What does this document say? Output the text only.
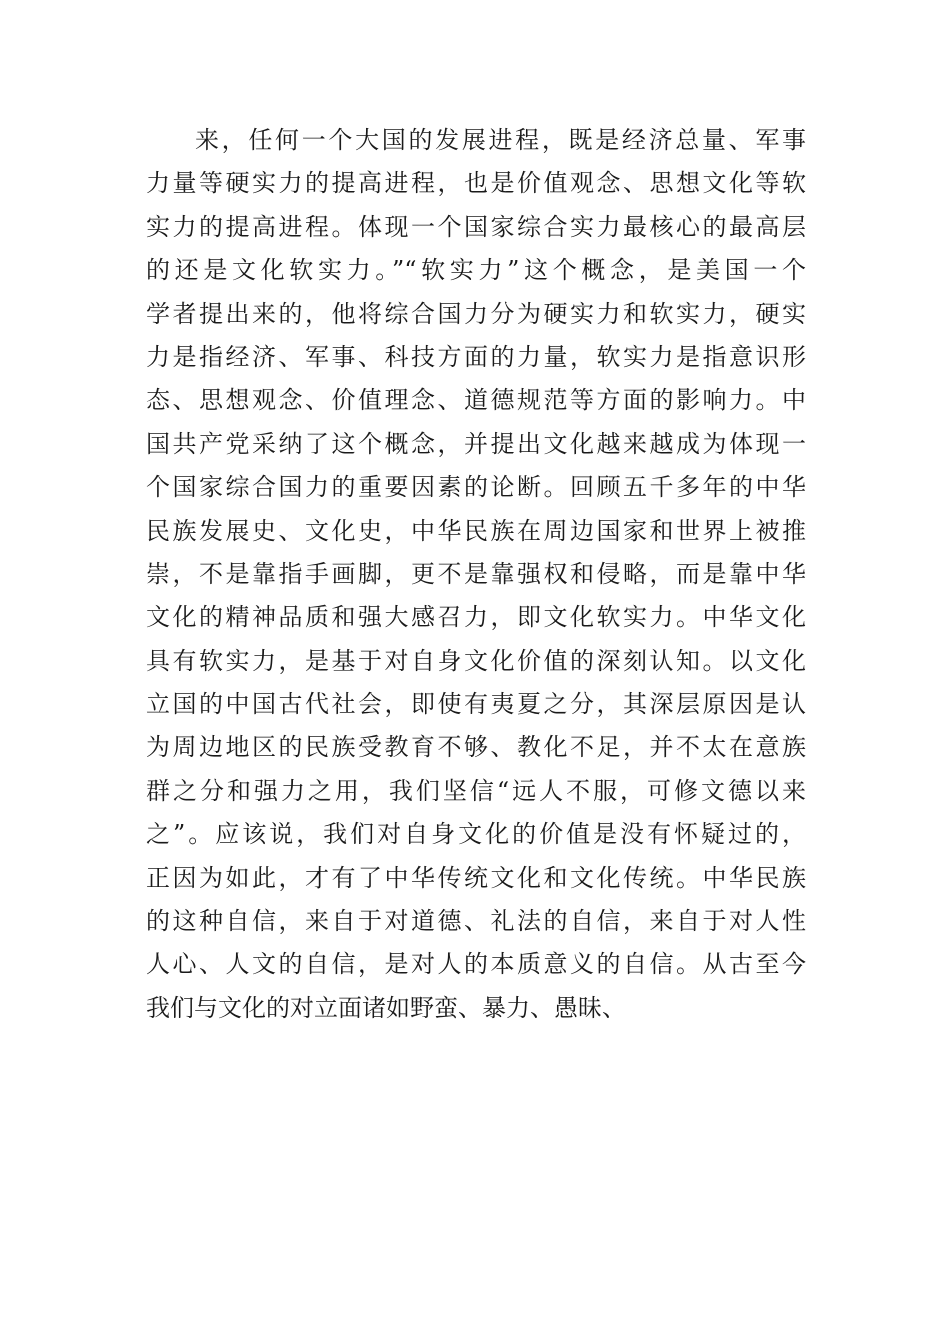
来，任何一个大国的发展进程，既是经济总量、军事
力量等硬实力的提高进程，也是价值观念、思想文化等软
实力的提高进程。体现一个国家综合实力最核心的最高层
的还是文化软实力。”“软实力”这个概念，是美国一个
学者提出来的，他将综合国力分为硬实力和软实力，硬实
力是指经济、军事、科技方面的力量，软实力是指意识形
态、思想观念、价值理念、道德规范等方面的影响力。中
国共产党采纳了这个概念，并提出文化越来越成为体现一
个国家综合国力的重要因素的论断。回顾五千多年的中华
民族发展史、文化史，中华民族在周边国家和世界上被推
崇，不是靠指手画脚，更不是靠强权和侵略，而是靠中华
文化的精神品质和强大感召力，即文化软实力。中华文化
具有软实力，是基于对自身文化价值的深刻认知。以文化
立国的中国古代社会，即使有夷夏之分，其深层原因是认
为周边地区的民族受教育不够、教化不足，并不太在意族
群之分和强力之用，我们坚信“远人不服，可修文德以来
之”。应该说，我们对自身文化的价值是没有怀疑过的，
正因为如此，才有了中华传统文化和文化传统。中华民族
的这种自信，来自于对道德、礼法的自信，来自于对人性
人心、人文的自信，是对人的本质意义的自信。从古至今
我们与文化的对立面诸如野蛮、暴力、愚昧、
